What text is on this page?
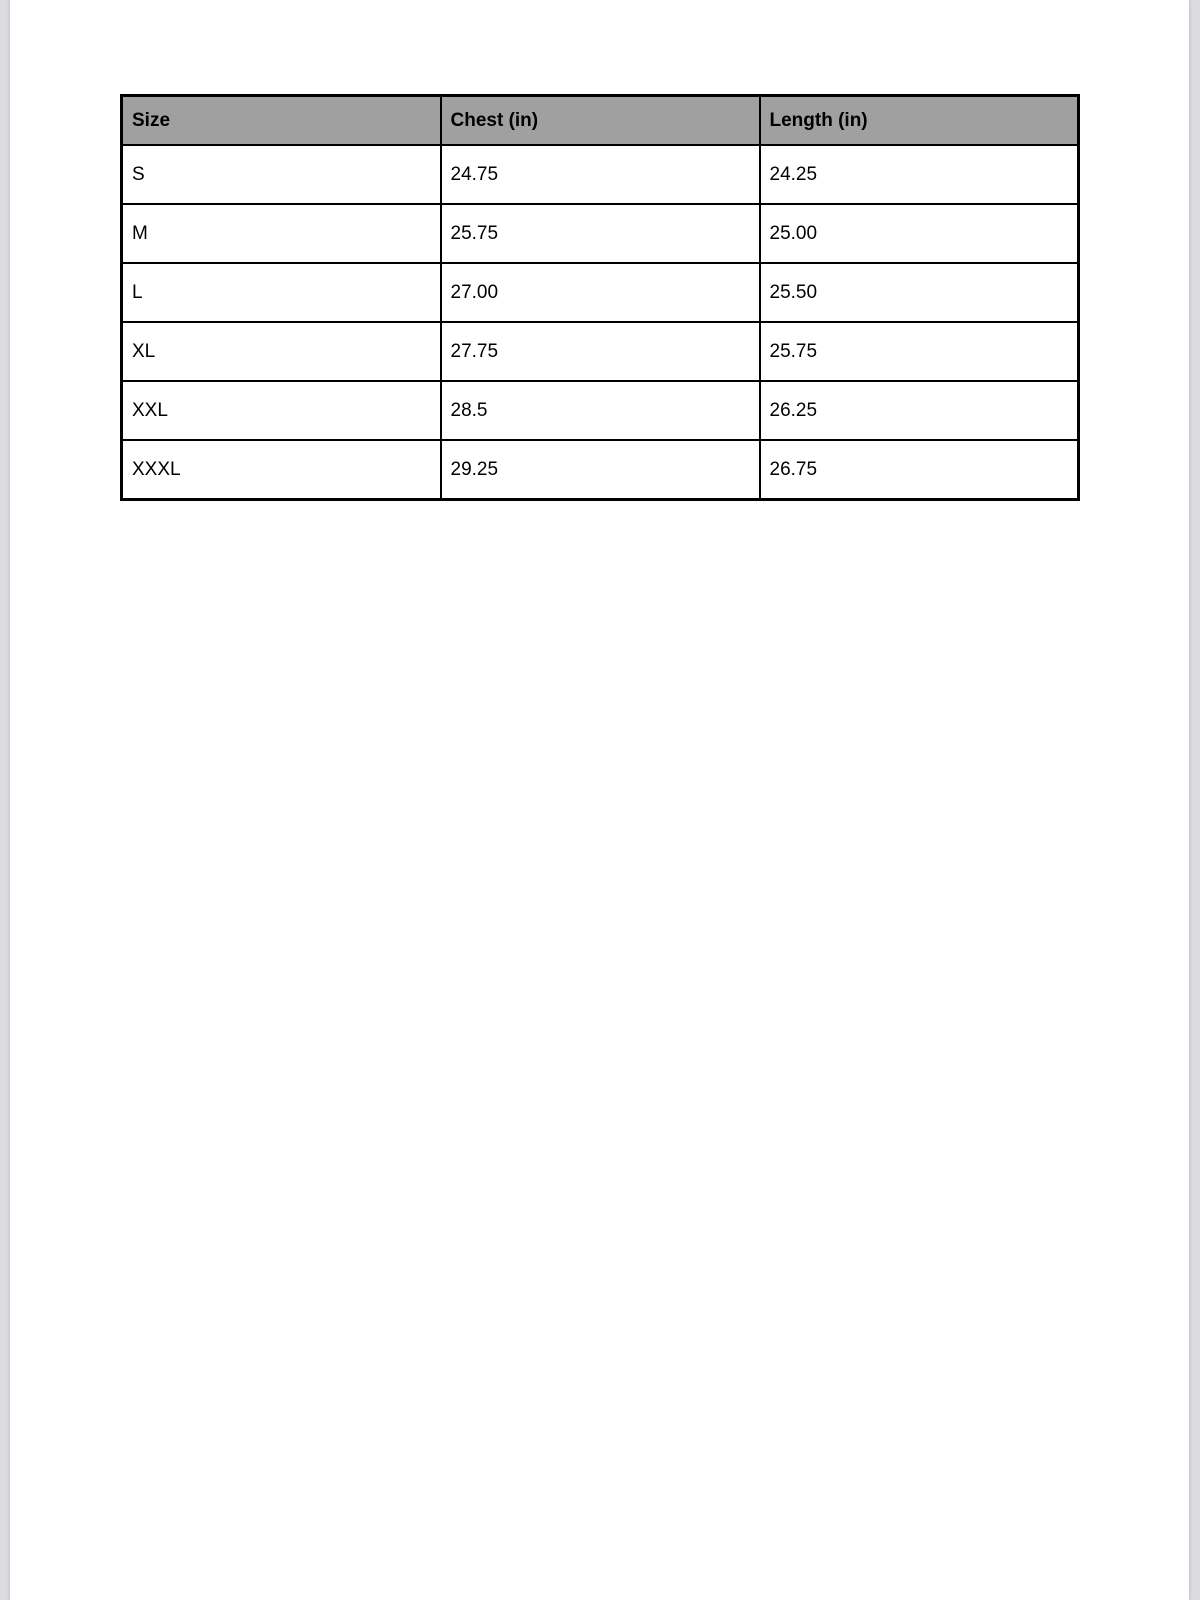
Size	Chest (in)	Length (in)
S	24.75	24.25
M	25.75	25.00
L	27.00	25.50
XL	27.75	25.75
XXL	28.5	26.25
XXXL	29.25	26.75
